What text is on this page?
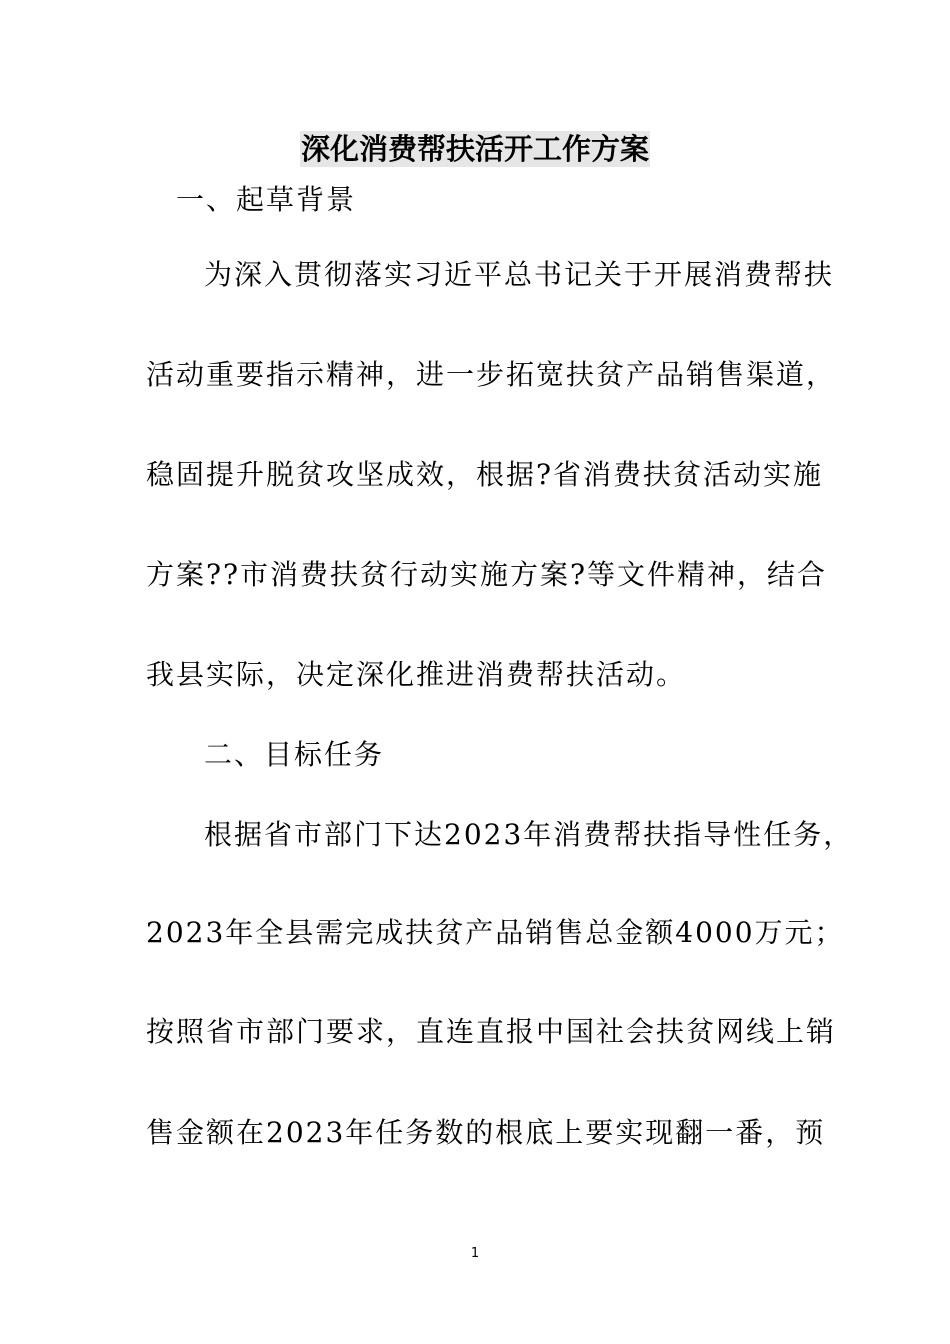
深化消费帮扶活开工作方案
一、起草背景
为深入贯彻落实习近平总书记关于开展消费帮扶
活动重要指示精神，进一步拓宽扶贫产品销售渠道，
稳固提升脱贫攻坚成效，根据?省消费扶贫活动实施
方案??市消费扶贫行动实施方案?等文件精神，结合
我县实际，决定深化推进消费帮扶活动。
二、目标任务
根据省市部门下达2023年消费帮扶指导性任务，
2023年全县需完成扶贫产品销售总金额4000万元；
按照省市部门要求，直连直报中国社会扶贫网线上销
售金额在2023年任务数的根底上要实现翻一番，预
1
